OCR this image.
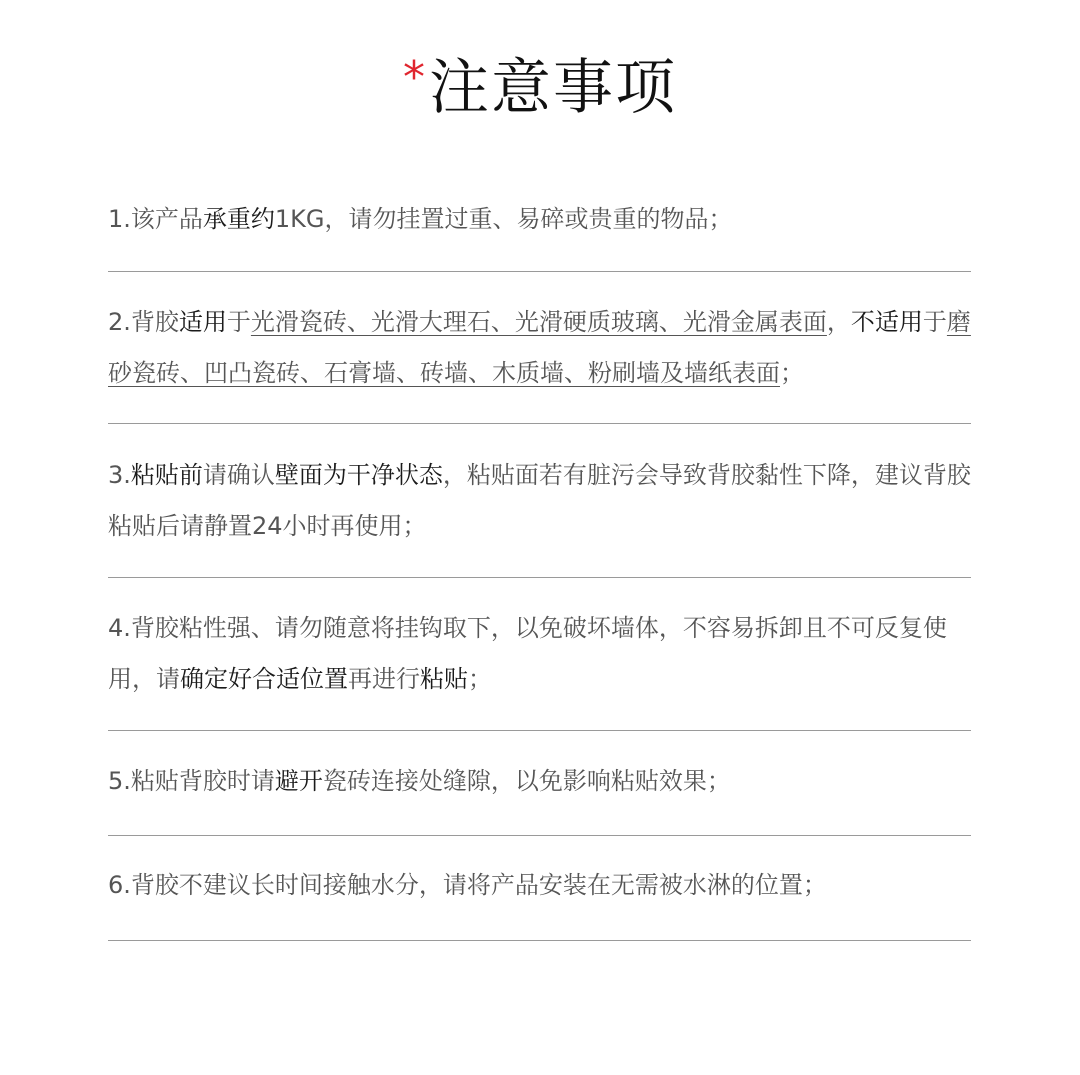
*注意事项
1.该产品承重约1KG，请勿挂置过重、易碎或贵重的物品；
2.背胶适用于光滑瓷砖、光滑大理石、光滑硬质玻璃、光滑金属表面，不适用于磨砂瓷砖、凹凸瓷砖、石膏墙、砖墙、木质墙、粉刷墙及墙纸表面；
3.粘贴前请确认壁面为干净状态，粘贴面若有脏污会导致背胶黏性下降，建议背胶粘贴后请静置24小时再使用；
4.背胶粘性强、请勿随意将挂钩取下，以免破坏墙体，不容易拆卸且不可反复使用，请确定好合适位置再进行粘贴；
5.粘贴背胶时请避开瓷砖连接处缝隙，以免影响粘贴效果；
6.背胶不建议长时间接触水分，请将产品安装在无需被水淋的位置；
